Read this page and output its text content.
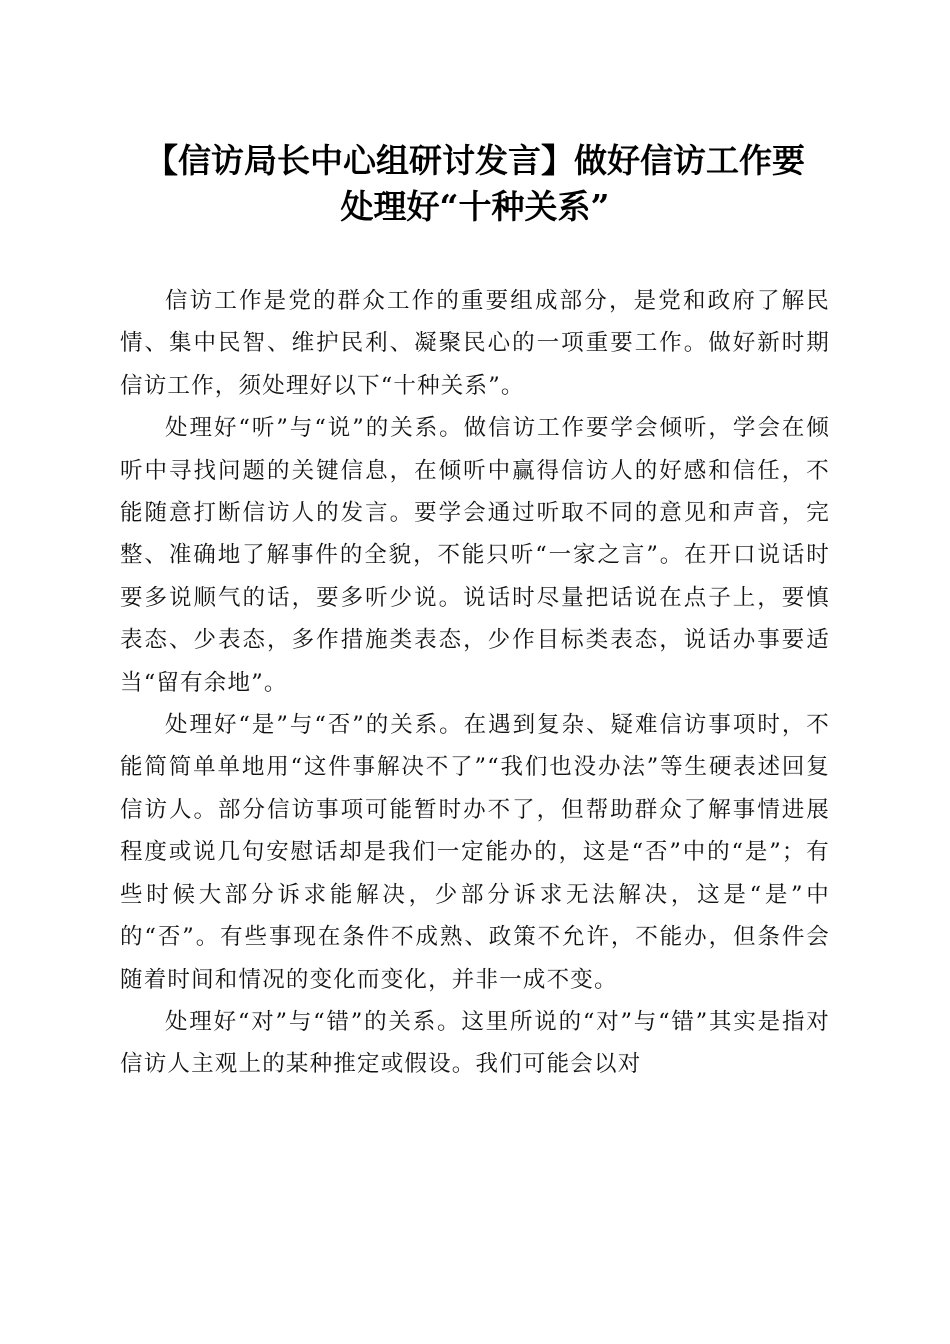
【信访局长中心组研讨发言】做好信访工作要
处理好“十种关系”

信访工作是党的群众工作的重要组成部分，是党和政府了解民情、集中民智、维护民利、凝聚民心的一项重要工作。做好新时期信访工作，须处理好以下“十种关系”。

处理好“听”与“说”的关系。做信访工作要学会倾听，学会在倾听中寻找问题的关键信息，在倾听中赢得信访人的好感和信任，不能随意打断信访人的发言。要学会通过听取不同的意见和声音，完整、准确地了解事件的全貌，不能只听“一家之言”。在开口说话时要多说顺气的话，要多听少说。说话时尽量把话说在点子上，要慎表态、少表态，多作措施类表态，少作目标类表态，说话办事要适当“留有余地”。

处理好“是”与“否”的关系。在遇到复杂、疑难信访事项时，不能简简单单地用“这件事解决不了”“我们也没办法”等生硬表述回复信访人。部分信访事项可能暂时办不了，但帮助群众了解事情进展程度或说几句安慰话却是我们一定能办的，这是“否”中的“是”；有些时候大部分诉求能解决，少部分诉求无法解决，这是“是”中的“否”。有些事现在条件不成熟、政策不允许，不能办，但条件会随着时间和情况的变化而变化，并非一成不变。

处理好“对”与“错”的关系。这里所说的“对”与“错”其实是指对信访人主观上的某种推定或假设。我们可能会以对
